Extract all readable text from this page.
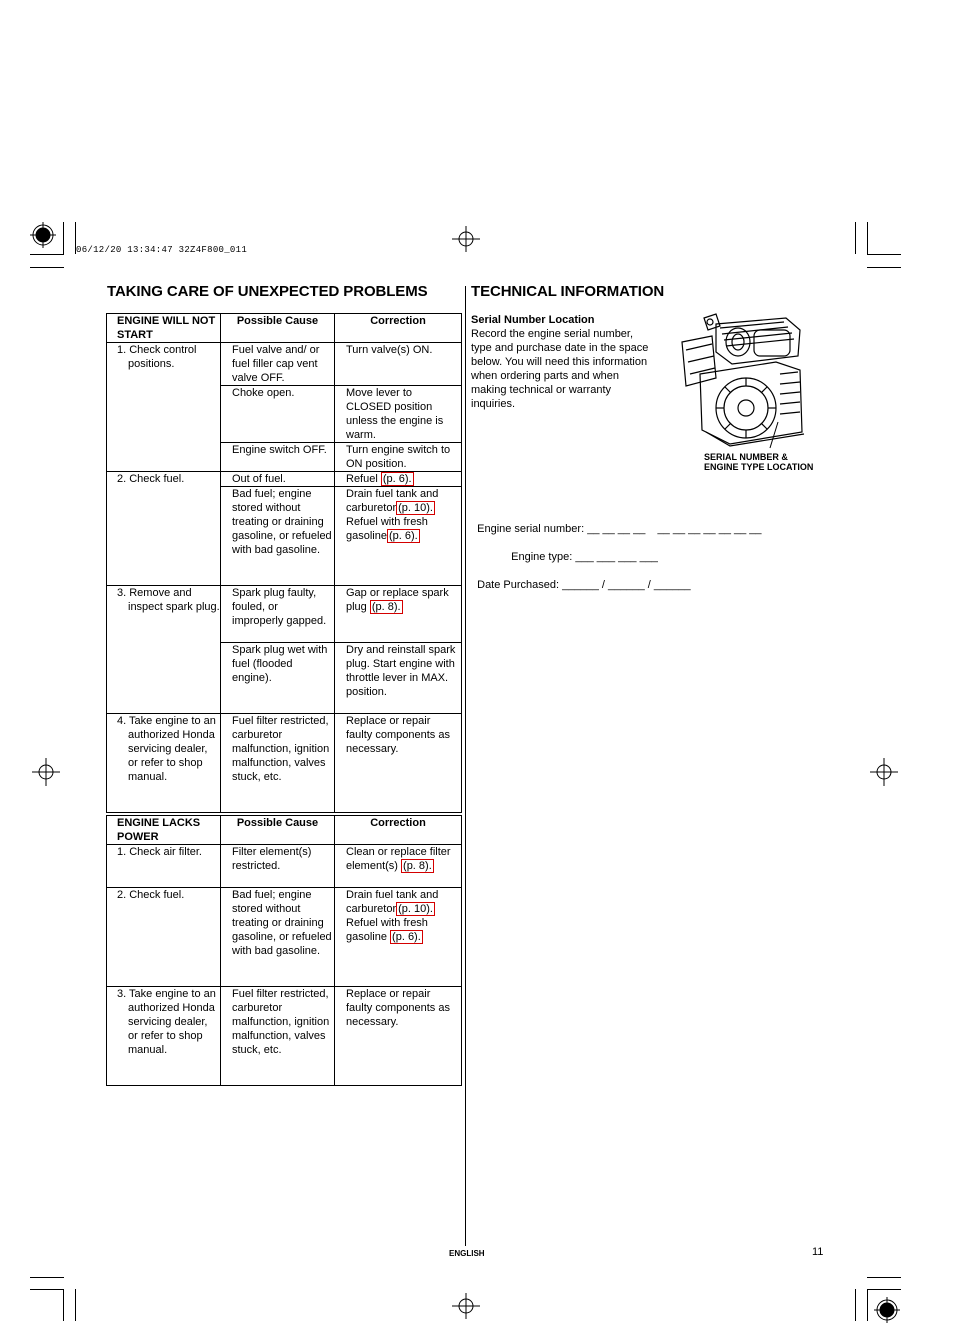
06/12/20 13:34:47 32Z4F800_011
TAKING CARE OF UNEXPECTED PROBLEMS
ENGINE WILL NOT START	Possible Cause	Correction

1. Check control positions.	Fuel valve and/ or fuel filler cap vent valve OFF.	Turn valve(s) ON.
	Choke open.	Move lever to CLOSED position unless the engine is warm.
	Engine switch OFF.	Turn engine switch to ON position.

2. Check fuel.	Out of fuel.	Refuel (p. 6).
	Bad fuel; engine stored without treating or draining gasoline, or refueled with bad gasoline.	Drain fuel tank and carburetor (p. 10). Refuel with fresh gasoline (p. 6).

3. Remove and inspect spark plug.	Spark plug faulty, fouled, or improperly gapped.	Gap or replace spark plug (p. 8).
	Spark plug wet with fuel (flooded engine).	Dry and reinstall spark plug. Start engine with throttle lever in MAX. position.

4. Take engine to an authorized Honda servicing dealer, or refer to shop manual.	Fuel filter restricted, carburetor malfunction, ignition malfunction, valves stuck, etc.	Replace or repair faulty components as necessary.
ENGINE LACKS POWER	Possible Cause	Correction

1. Check air filter.	Filter element(s) restricted.	Clean or replace filter element(s) (p. 8).

2. Check fuel.	Bad fuel; engine stored without treating or draining gasoline, or refueled with bad gasoline.	Drain fuel tank and carburetor (p. 10). Refuel with fresh gasoline (p. 6).

3. Take engine to an authorized Honda servicing dealer, or refer to shop manual.	Fuel filter restricted, carburetor malfunction, ignition malfunction, valves stuck, etc.	Replace or repair faulty components as necessary.
TECHNICAL INFORMATION
Serial Number Location
Record the engine serial number, type and purchase date in the space below. You will need this information when ordering parts and when making technical or warranty inquiries.
SERIAL NUMBER &
ENGINE TYPE LOCATION

Engine serial number: __ __ __ __    __ __ __ __ __ __ __

Engine type: ___ ___ ___ ___

Date Purchased: ______ / ______ / ______

ENGLISH	11
